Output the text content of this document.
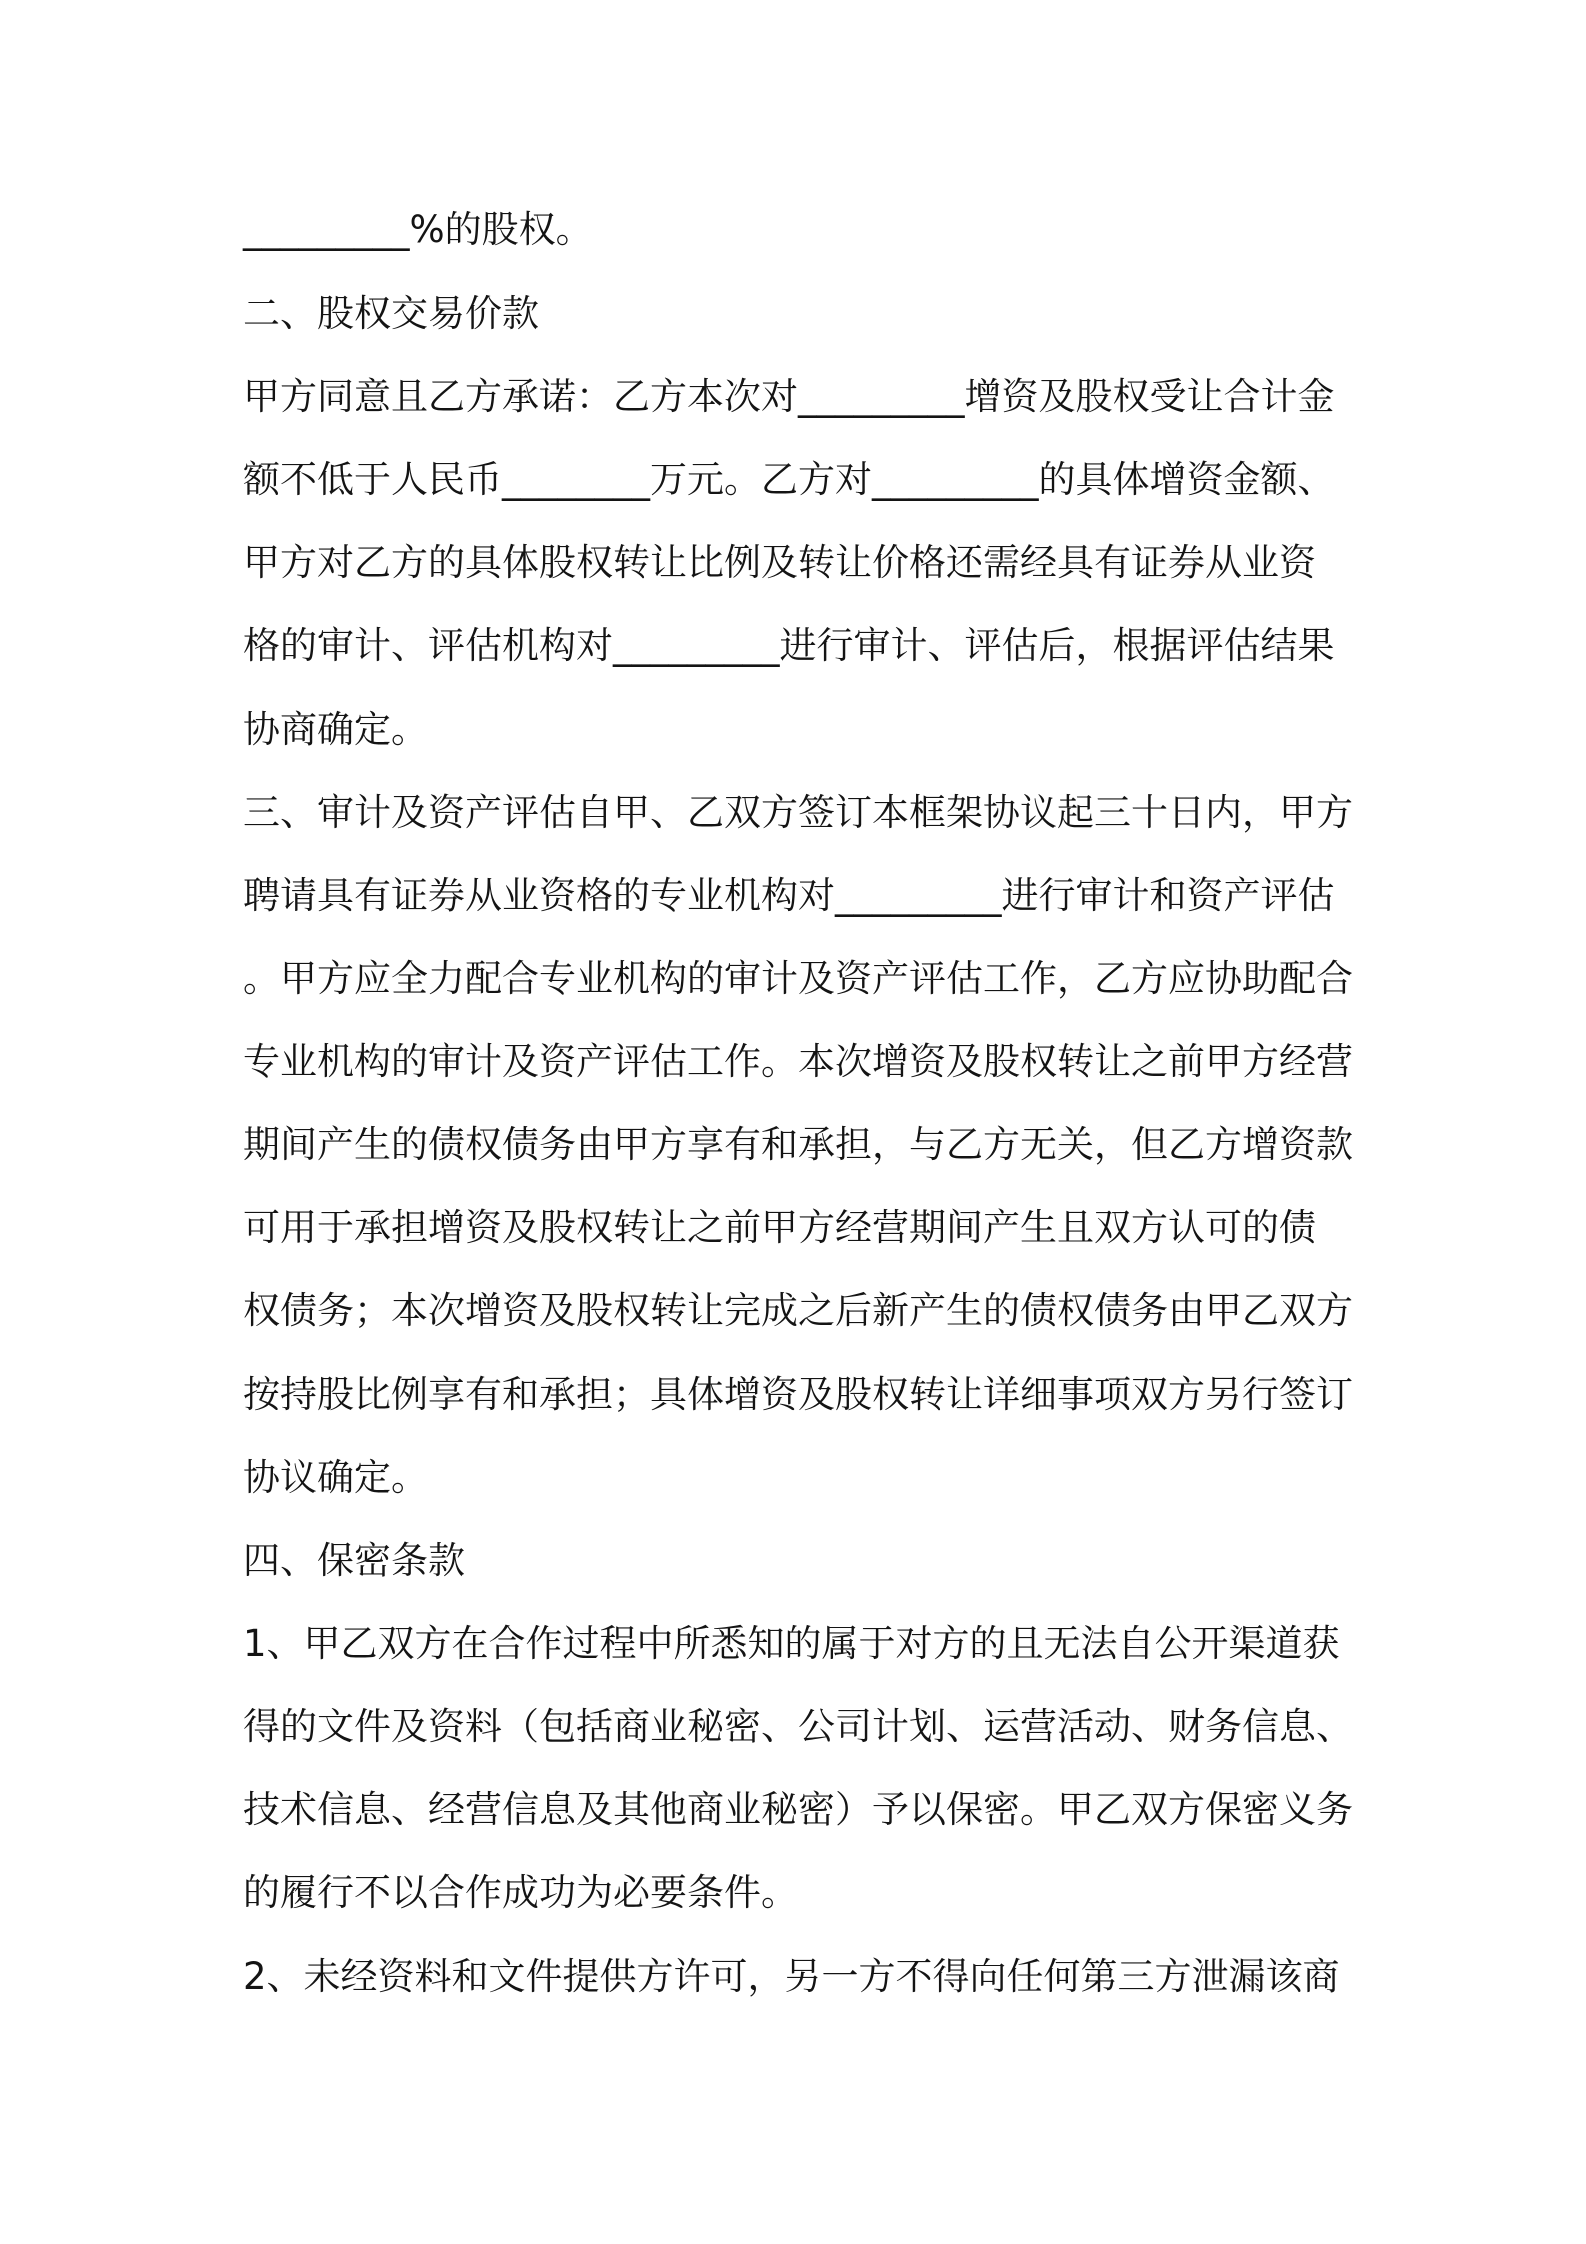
_________%的股权。
二、股权交易价款
甲方同意且乙方承诺：乙方本次对_________增资及股权受让合计金
额不低于人民币________万元。乙方对_________的具体增资金额、
甲方对乙方的具体股权转让比例及转让价格还需经具有证券从业资
格的审计、评估机构对_________进行审计、评估后，根据评估结果
协商确定。
三、审计及资产评估自甲、乙双方签订本框架协议起三十日内，甲方
聘请具有证券从业资格的专业机构对_________进行审计和资产评估
。甲方应全力配合专业机构的审计及资产评估工作，乙方应协助配合
专业机构的审计及资产评估工作。本次增资及股权转让之前甲方经营
期间产生的债权债务由甲方享有和承担，与乙方无关，但乙方增资款
可用于承担增资及股权转让之前甲方经营期间产生且双方认可的债
权债务；本次增资及股权转让完成之后新产生的债权债务由甲乙双方
按持股比例享有和承担；具体增资及股权转让详细事项双方另行签订
协议确定。
四、保密条款
1、甲乙双方在合作过程中所悉知的属于对方的且无法自公开渠道获
得的文件及资料（包括商业秘密、公司计划、运营活动、财务信息、
技术信息、经营信息及其他商业秘密）予以保密。甲乙双方保密义务
的履行不以合作成功为必要条件。
2、未经资料和文件提供方许可，另一方不得向任何第三方泄漏该商
